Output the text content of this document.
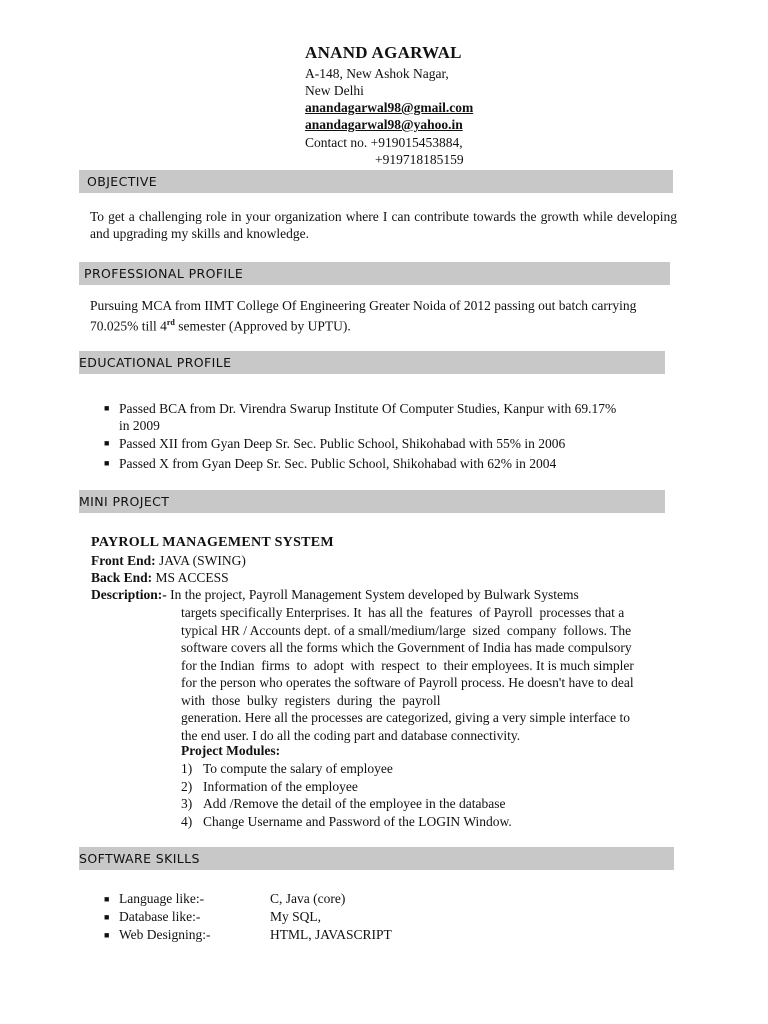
ANAND AGARWAL
A-148, New Ashok Nagar,
New Delhi
anandagarwal98@gmail.com
anandagarwal98@yahoo.in
Contact no. +919015453884,
+919718185159
OBJECTIVE
To get a challenging role in your organization where I can contribute towards the growth while developing and upgrading my skills and knowledge.
PROFESSIONAL PROFILE
Pursuing MCA from IIMT College Of Engineering Greater Noida of 2012 passing out batch carrying
70.025% till 4rd semester (Approved by UPTU).
EDUCATIONAL PROFILE
■ Passed BCA from Dr. Virendra Swarup Institute Of Computer Studies, Kanpur with 69.17%
in 2009
■ Passed XII from Gyan Deep Sr. Sec. Public School, Shikohabad with 55% in 2006
■ Passed X from Gyan Deep Sr. Sec. Public School, Shikohabad with 62% in 2004
MINI PROJECT
PAYROLL MANAGEMENT SYSTEM
Front End: JAVA (SWING)
Back End: MS ACCESS
Description:- In the project, Payroll Management System developed by Bulwark Systems
targets specifically Enterprises. It  has all the  features  of Payroll  processes that a
typical HR / Accounts dept. of a small/medium/large  sized  company  follows. The
software covers all the forms which the Government of India has made compulsory
for the Indian  firms  to  adopt  with  respect  to  their employees. It is much simpler
for the person who operates the software of Payroll process. He doesn't have to deal
with  those  bulky  registers  during  the  payroll
generation. Here all the processes are categorized, giving a very simple interface to
the end user. I do all the coding part and database connectivity.
Project Modules:
1) To compute the salary of employee
2) Information of the employee
3) Add /Remove the detail of the employee in the database
4) Change Username and Password of the LOGIN Window.
SOFTWARE SKILLS
■ Language like:-	C, Java (core)
■ Database like:-	My SQL,
■ Web Designing:-	HTML, JAVASCRIPT
